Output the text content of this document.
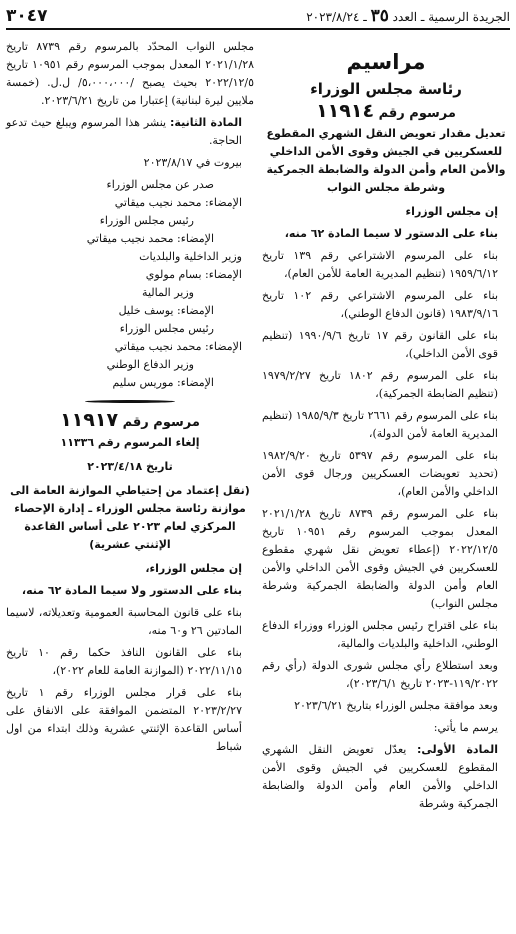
الجريدة الرسمية ـ العدد ٣٥ ـ ٢٠٢٣/٨/٢٤
٣٠٤٧
مراسيم
رئاسة مجلس الوزراء
مرسوم رقم ١١٩١٤
تعديل مقدار تعويض النقل الشهري المقطوع للعسكريين في الجيش وقوى الأمن الداخلي والأمن العام وأمن الدولة والضابطة الجمركية وشرطة مجلس النواب

إن مجلس الوزراء

بناء على الدستور لا سيما المادة ٦٢ منه،

بناء على المرسوم الاشتراعي رقم ١٣٩ تاريخ ١٩٥٩/٦/١٢ (تنظيم المديرية العامة للأمن العام)،

بناء على المرسوم الاشتراعي رقم ١٠٢ تاريخ ١٩٨٣/٩/١٦ (قانون الدفاع الوطني)،

بناء على القانون رقم ١٧ تاريخ ١٩٩٠/٩/٦ (تنظيم قوى الأمن الداخلي)،

بناء على المرسوم رقم ١٨٠٢ تاريخ ١٩٧٩/٢/٢٧ (تنظيم الضابطة الجمركية)،

بناء على المرسوم رقم ٢٦٦١ تاريخ ١٩٨٥/٩/٣ (تنظيم المديرية العامة لأمن الدولة)،

بناء على المرسوم رقم ٥٣٩٧ تاريخ ١٩٨٢/٩/٢٠ (تحديد تعويضات العسكريين ورجال قوى الأمن الداخلي والأمن العام)،

بناء على المرسوم رقم ٨٧٣٩ تاريخ ٢٠٢١/١/٢٨ المعدل بموجب المرسوم رقم ١٠٩٥١ تاريخ ٢٠٢٢/١٢/٥ (إعطاء تعويض نقل شهري مقطوع للعسكريين في الجيش وقوى الأمن الداخلي والأمن العام وأمن الدولة والضابطة الجمركية وشرطة مجلس النواب)

بناء على اقتراح رئيس مجلس الوزراء ووزراء الدفاع الوطني، الداخلية والبلديات والمالية،

وبعد استطلاع رأي مجلس شورى الدولة (رأي رقم ١١٩/٢٠٢٢-٢٠٢٣ تاريخ ٢٠٢٣/٦/١)،

وبعد موافقة مجلس الوزراء بتاريخ ٢٠٢٣/٦/٢١

يرسم ما يأتي:

المادة الأولى: يعدّل تعويض النقل الشهري المقطوع للعسكريين في الجيش وقوى الأمن الداخلي والأمن العام وأمن الدولة والضابطة الجمركية وشرطة

مجلس النواب المحدّد بالمرسوم رقم ٨٧٣٩ تاريخ ٢٠٢١/١/٢٨ المعدل بموجب المرسوم رقم ١٠٩٥١ تاريخ ٢٠٢٢/١٢/٥ بحيث يصبح /٥،٠٠٠،٠٠٠/ ل.ل. (خمسة ملايين ليرة لبنانية) إعتبارا من تاريخ ٢٠٢٣/٦/٢١.

المادة الثانية: ينشر هذا المرسوم ويبلغ حيث تدعو الحاجة.

بيروت في ٢٠٢٣/٨/١٧

صدر عن مجلس الوزراء
الإمضاء: محمد نجيب ميقاتي
رئيس مجلس الوزراء
الإمضاء: محمد نجيب ميقاتي
وزير الداخلية والبلديات
الإمضاء: بسام مولوي
وزير المالية
الإمضاء: يوسف خليل
رئيس مجلس الوزراء
الإمضاء: محمد نجيب ميقاتي
وزير الدفاع الوطني
الإمضاء: موريس سليم
مرسوم رقم ١١٩١٧
إلغاء المرسوم رقم ١١٣٣٦
تاريخ ٢٠٢٣/٤/١٨
(نقل إعتماد من إحتياطي الموازنة العامة الى موازنة رئاسة مجلس الوزراء ـ إدارة الإحصاء المركزي لعام ٢٠٢٣ على أساس القاعدة الإثنتي عشرية)

إن مجلس الوزراء،

بناء على الدستور ولا سيما المادة ٦٢ منه،

بناء على قانون المحاسبة العمومية وتعديلاته، لاسيما المادتين ٢٦ و٦٠ منه،

بناء على القانون النافذ حكما رقم ١٠ تاريخ ٢٠٢٢/١١/١٥ (الموازنة العامة للعام ٢٠٢٢)،

بناء على قرار مجلس الوزراء رقم ١ تاريخ ٢٠٢٣/٢/٢٧ المتضمن الموافقة على الانفاق على أساس القاعدة الإثنتي عشرية وذلك ابتداء من اول شباط
